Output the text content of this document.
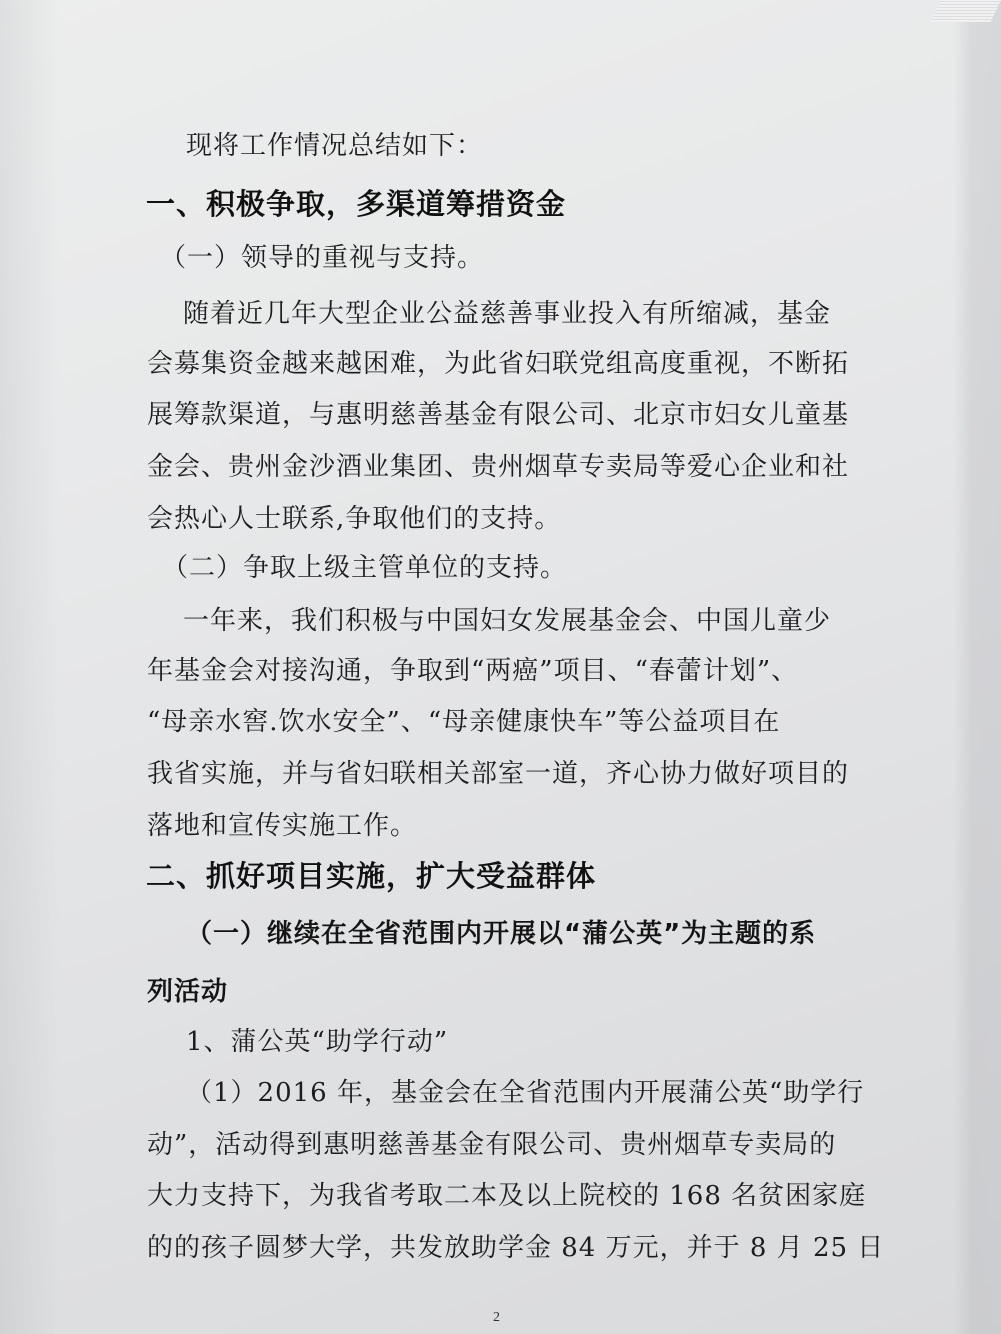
现将工作情况总结如下：

一、积极争取，多渠道筹措资金

（一）领导的重视与支持。

随着近几年大型企业公益慈善事业投入有所缩减，基金

会募集资金越来越困难，为此省妇联党组高度重视，不断拓

展筹款渠道，与惠明慈善基金有限公司、北京市妇女儿童基

金会、贵州金沙酒业集团、贵州烟草专卖局等爱心企业和社

会热心人士联系,争取他们的支持。

（二）争取上级主管单位的支持。

一年来，我们积极与中国妇女发展基金会、中国儿童少

年基金会对接沟通，争取到“两癌”项目、“春蕾计划”、

“母亲水窖.饮水安全”、“母亲健康快车”等公益项目在

我省实施，并与省妇联相关部室一道，齐心协力做好项目的

落地和宣传实施工作。

二、抓好项目实施，扩大受益群体

（一）继续在全省范围内开展以“蒲公英”为主题的系

列活动

1、蒲公英“助学行动”

（1）2016 年，基金会在全省范围内开展蒲公英“助学行

动”，活动得到惠明慈善基金有限公司、贵州烟草专卖局的

大力支持下，为我省考取二本及以上院校的 168 名贫困家庭

的的孩子圆梦大学，共发放助学金 84 万元，并于 8 月 25 日

2
